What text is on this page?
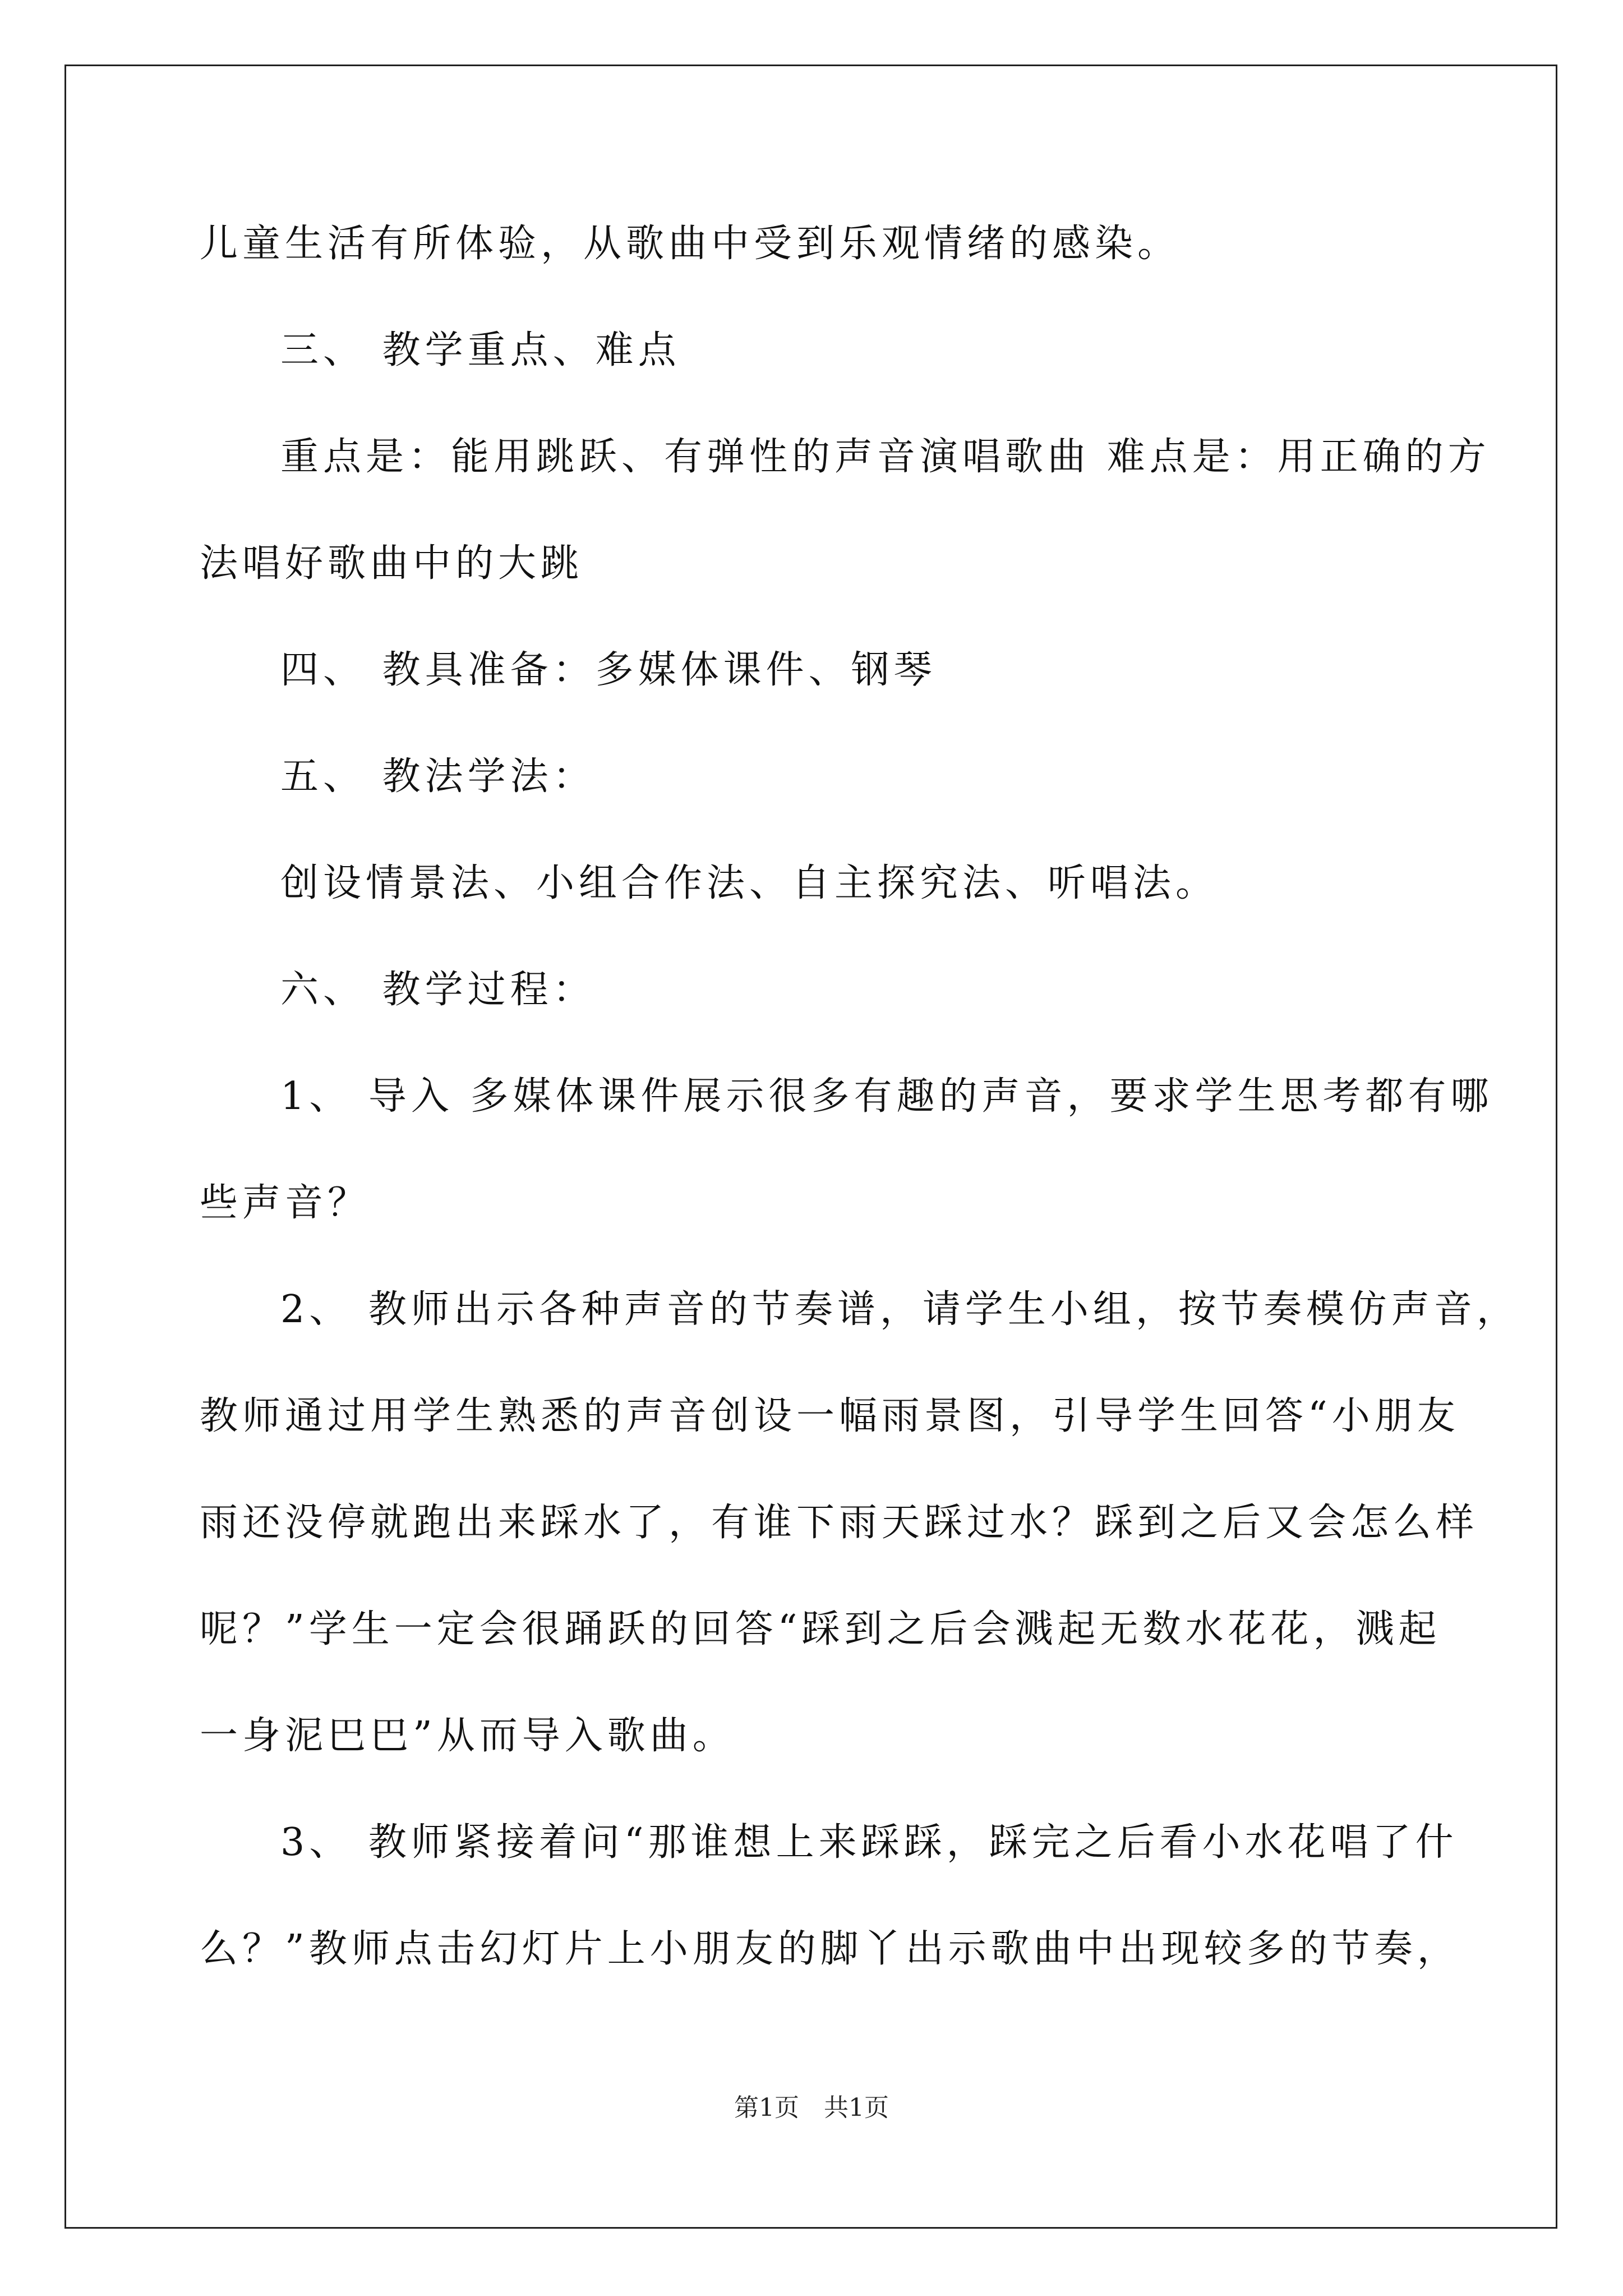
儿童生活有所体验，从歌曲中受到乐观情绪的感染。
三、 教学重点、难点
重点是：能用跳跃、有弹性的声音演唱歌曲 难点是：用正确的方
法唱好歌曲中的大跳
四、 教具准备：多媒体课件、钢琴
五、 教法学法：
创设情景法、小组合作法、自主探究法、听唱法。
六、 教学过程：
1、 导入 多媒体课件展示很多有趣的声音，要求学生思考都有哪
些声音？
2、 教师出示各种声音的节奏谱，请学生小组，按节奏模仿声音，
教师通过用学生熟悉的声音创设一幅雨景图，引导学生回答“小朋友
雨还没停就跑出来踩水了，有谁下雨天踩过水？踩到之后又会怎么样
呢？”学生一定会很踊跃的回答“踩到之后会溅起无数水花花，溅起
一身泥巴巴”从而导入歌曲。
3、 教师紧接着问“那谁想上来踩踩，踩完之后看小水花唱了什
么？”教师点击幻灯片上小朋友的脚丫出示歌曲中出现较多的节奏，
第1页　共1页
